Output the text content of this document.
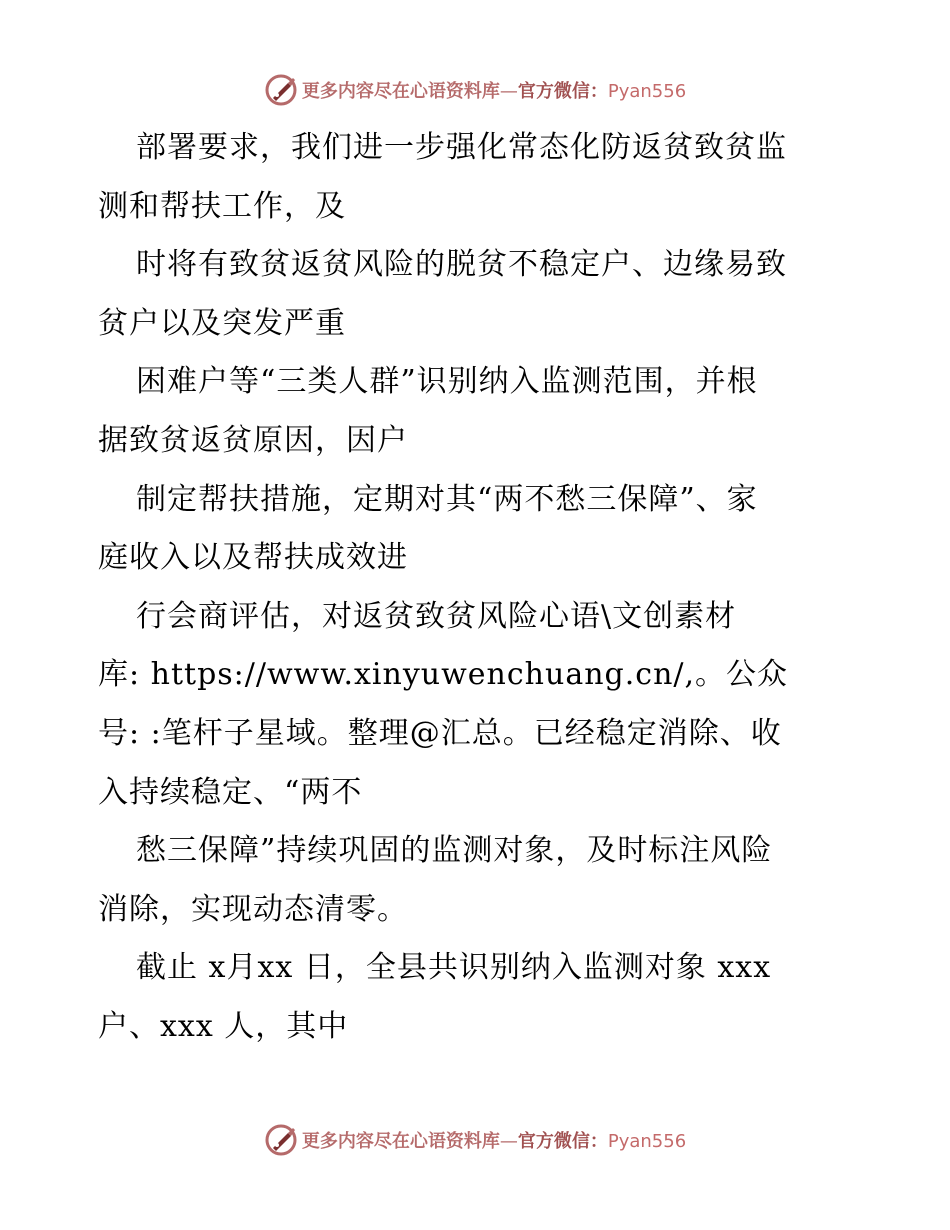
更多内容尽在心语资料库—官方微信：Pyan556
部署要求，我们进一步强化常态化防返贫致贫监
测和帮扶工作，及
时将有致贫返贫风险的脱贫不稳定户、边缘易致
贫户以及突发严重
困难户等“三类人群”识别纳入监测范围，并根
据致贫返贫原因，因户
制定帮扶措施，定期对其“两不愁三保障”、家
庭收入以及帮扶成效进
行会商评估，对返贫致贫风险心语\文创素材
库: https://www.xinyuwenchuang.cn/,。公众
号: :笔杆子星域。整理@汇总。已经稳定消除、收
入持续稳定、“两不
愁三保障”持续巩固的监测对象，及时标注风险
消除，实现动态清零。
截止 x月xx 日，全县共识别纳入监测对象 xxx
户、xxx 人，其中
更多内容尽在心语资料库—官方微信：Pyan556
